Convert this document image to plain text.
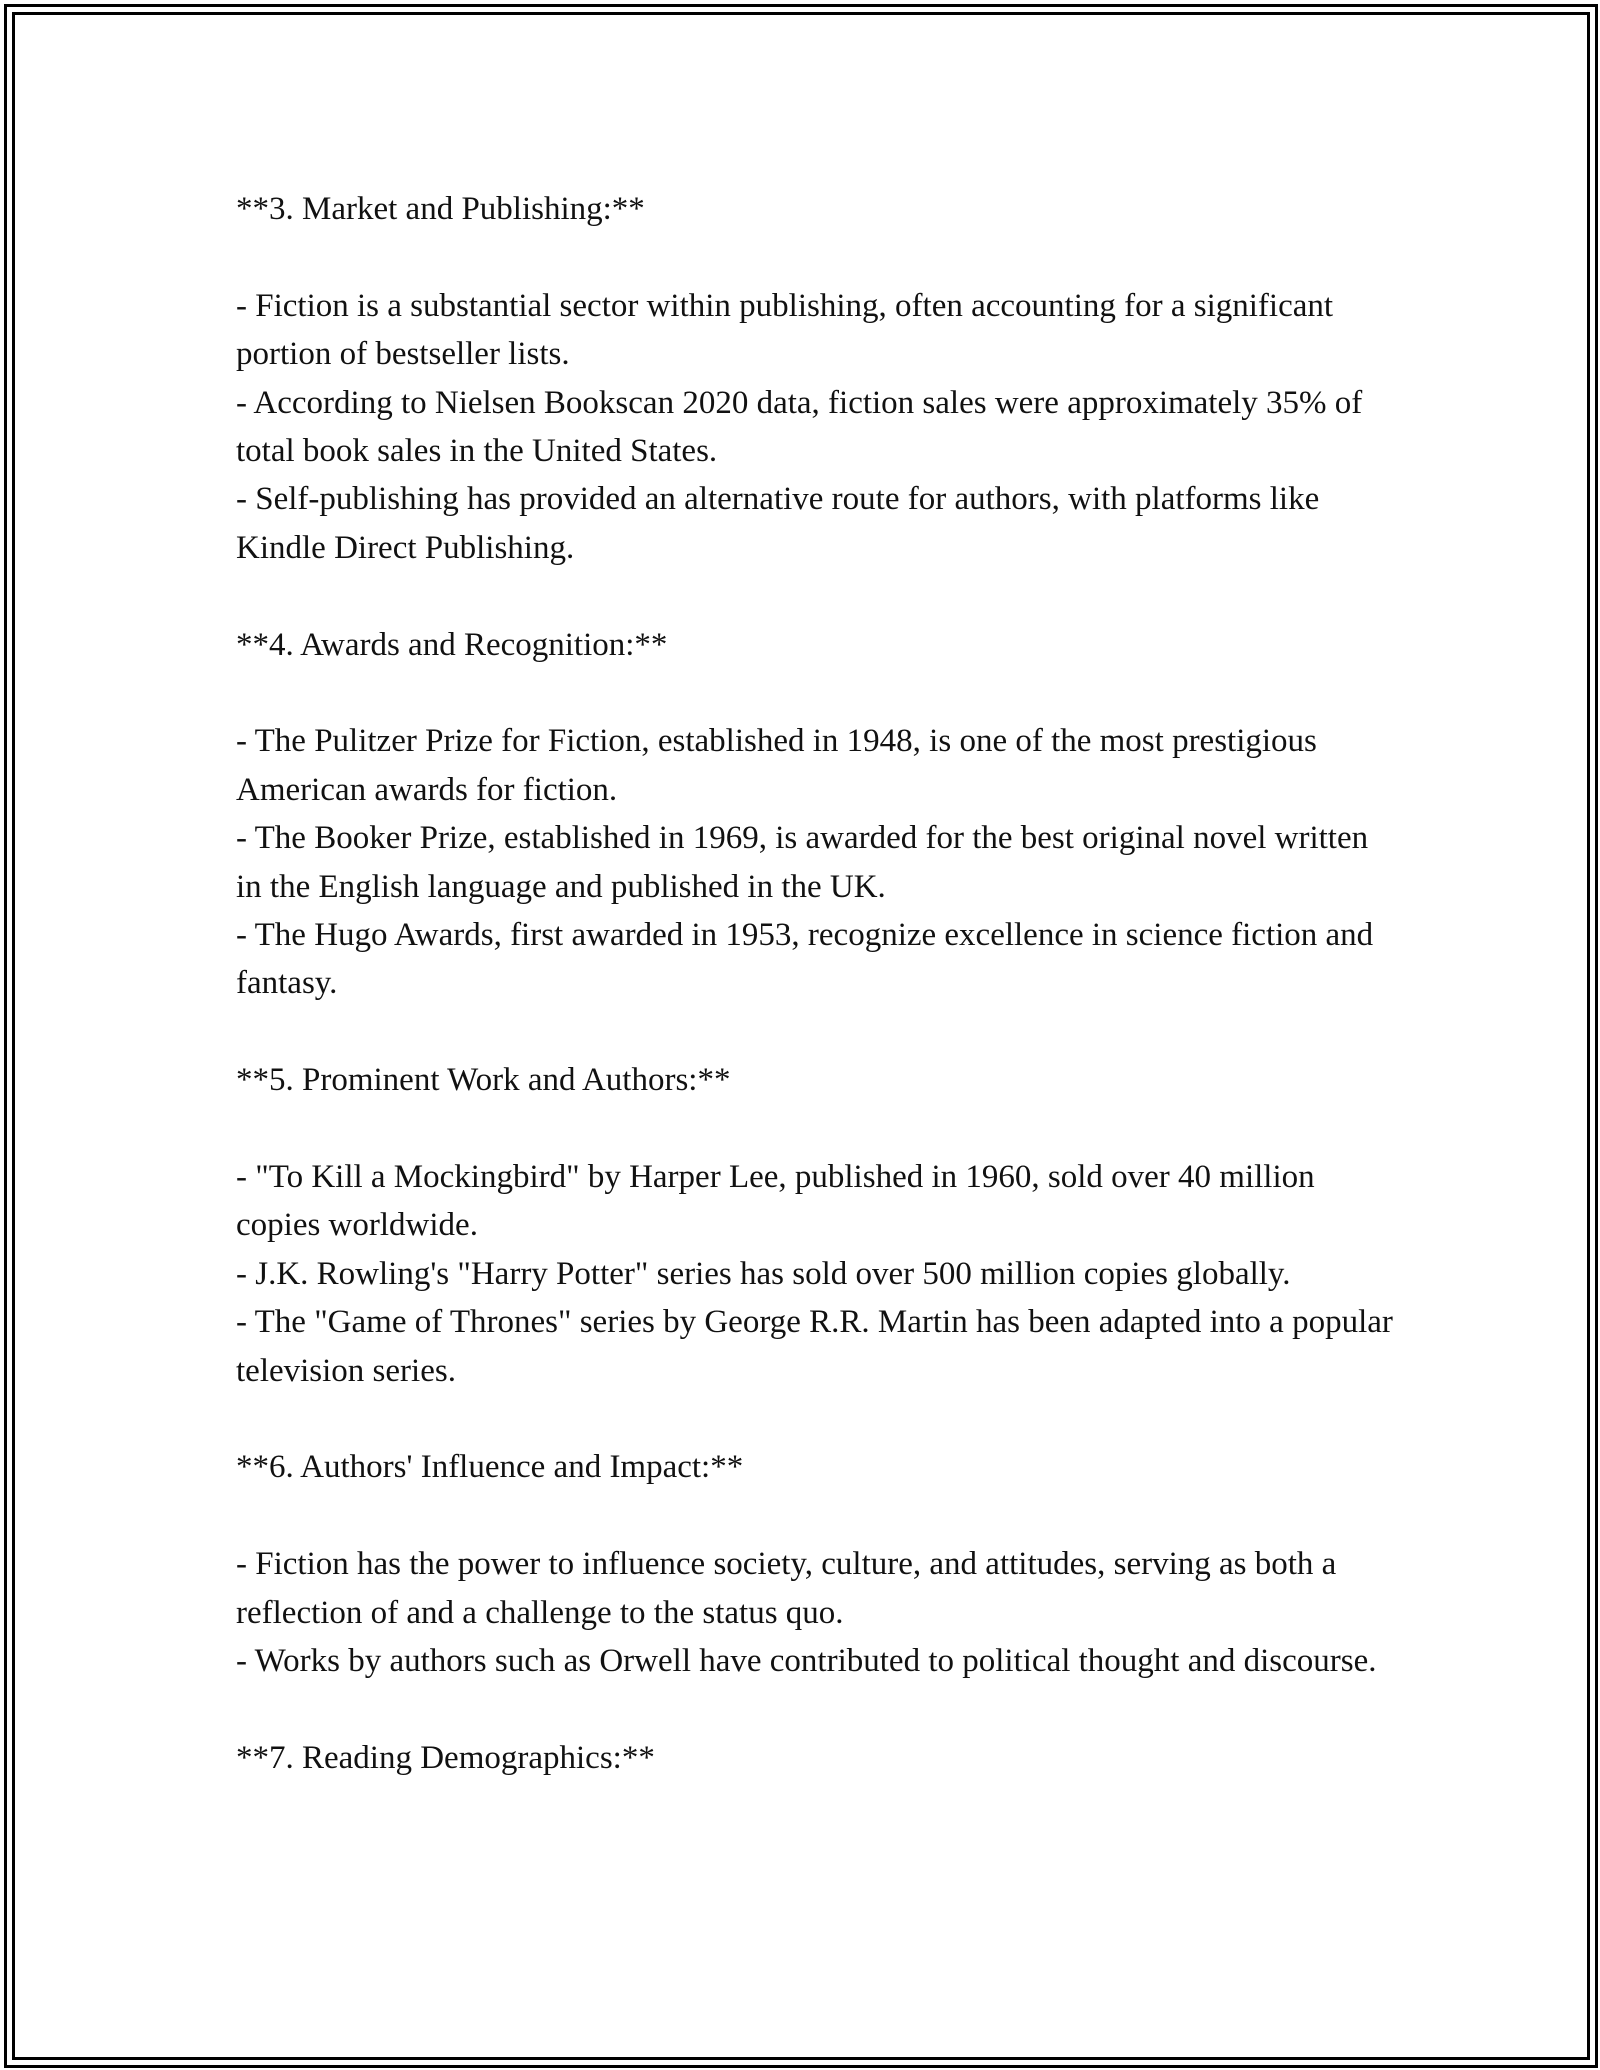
**3. Market and Publishing:**

- Fiction is a substantial sector within publishing, often accounting for a significant portion of bestseller lists.

- According to Nielsen Bookscan 2020 data, fiction sales were approximately 35% of total book sales in the United States.

- Self-publishing has provided an alternative route for authors, with platforms like Kindle Direct Publishing.

**4. Awards and Recognition:**

- The Pulitzer Prize for Fiction, established in 1948, is one of the most prestigious American awards for fiction.

- The Booker Prize, established in 1969, is awarded for the best original novel written in the English language and published in the UK.

- The Hugo Awards, first awarded in 1953, recognize excellence in science fiction and fantasy.

**5. Prominent Work and Authors:**

- "To Kill a Mockingbird" by Harper Lee, published in 1960, sold over 40 million copies worldwide.

- J.K. Rowling's "Harry Potter" series has sold over 500 million copies globally.

- The "Game of Thrones" series by George R.R. Martin has been adapted into a popular television series.

**6. Authors' Influence and Impact:**

- Fiction has the power to influence society, culture, and attitudes, serving as both a reflection of and a challenge to the status quo.

- Works by authors such as Orwell have contributed to political thought and discourse.

**7. Reading Demographics:**
